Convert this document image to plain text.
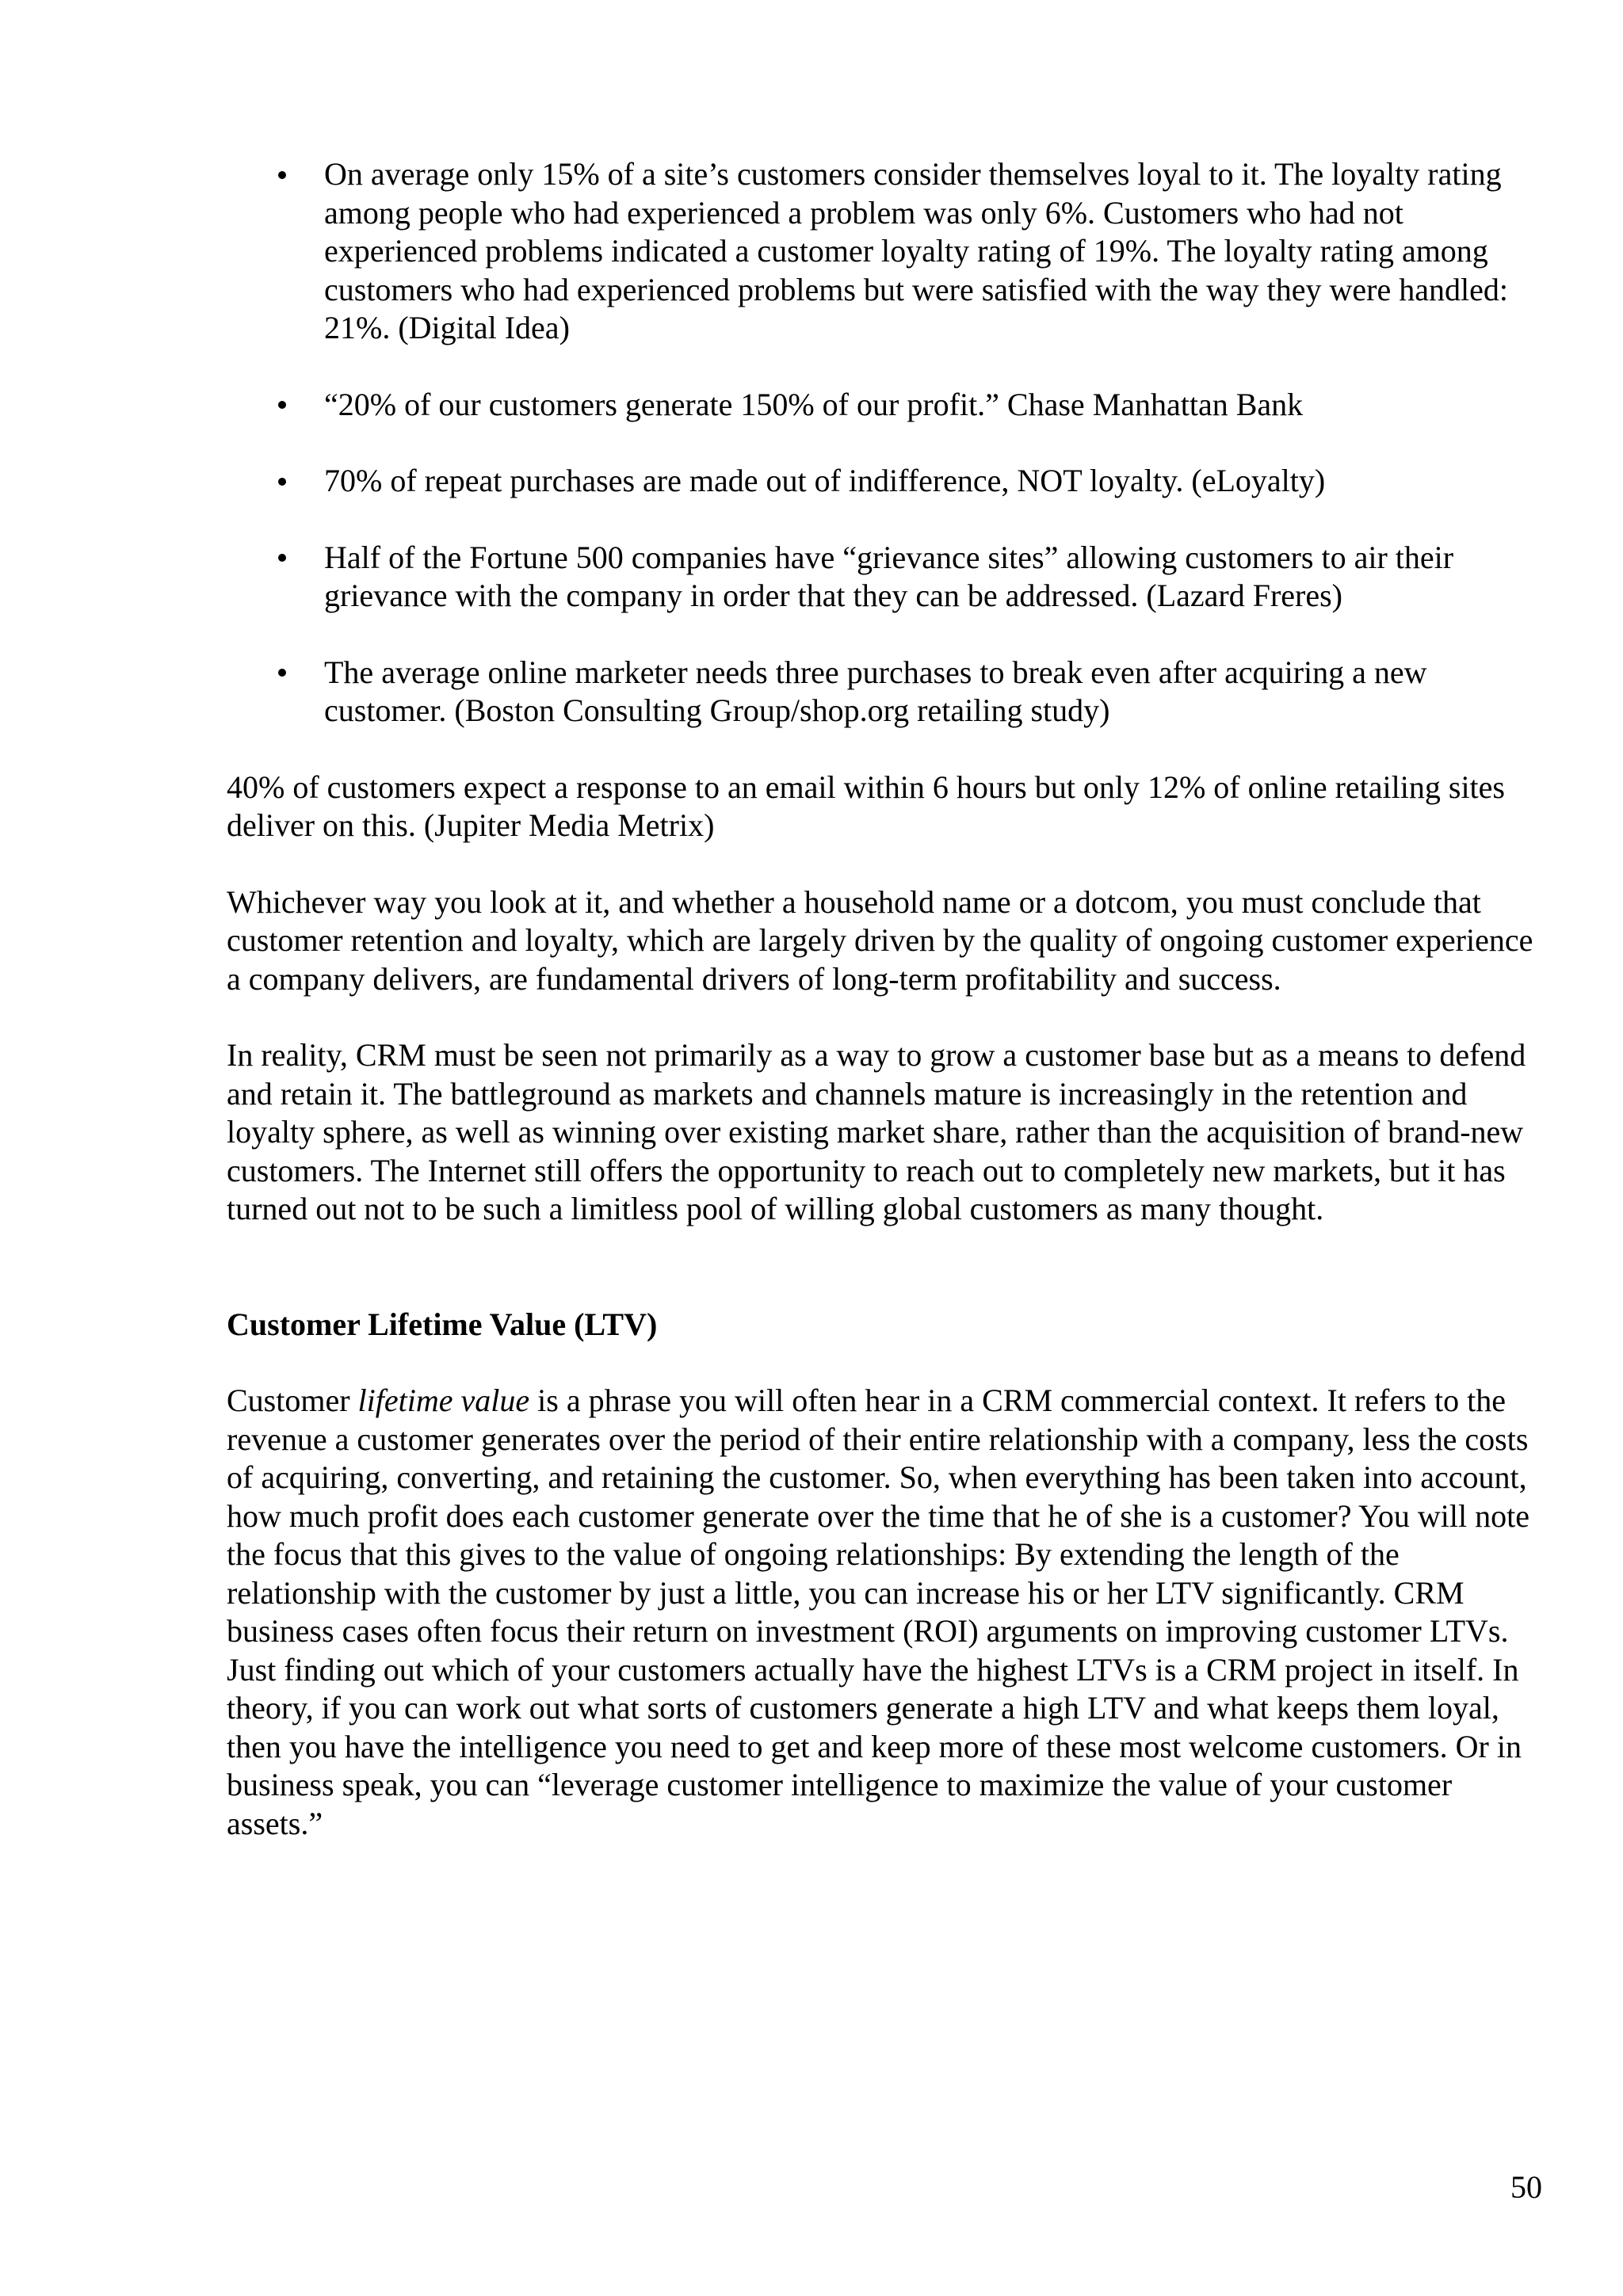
On average only 15% of a site’s customers consider themselves loyal to it. The loyalty rating among people who had experienced a problem was only 6%. Customers who had not experienced problems indicated a customer loyalty rating of 19%. The loyalty rating among customers who had experienced problems but were satisfied with the way they were handled: 21%. (Digital Idea)
“20% of our customers generate 150% of our profit.” Chase Manhattan Bank
70% of repeat purchases are made out of indifference, NOT loyalty. (eLoyalty)
Half of the Fortune 500 companies have “grievance sites” allowing customers to air their grievance with the company in order that they can be addressed. (Lazard Freres)
The average online marketer needs three purchases to break even after acquiring a new customer. (Boston Consulting Group/shop.org retailing study)

40% of customers expect a response to an email within 6 hours but only 12% of online retailing sites deliver on this. (Jupiter Media Metrix)

Whichever way you look at it, and whether a household name or a dotcom, you must conclude that customer retention and loyalty, which are largely driven by the quality of ongoing customer experience a company delivers, are fundamental drivers of long-term profitability and success.

In reality, CRM must be seen not primarily as a way to grow a customer base but as a means to defend and retain it. The battleground as markets and channels mature is increasingly in the retention and loyalty sphere, as well as winning over existing market share, rather than the acquisition of brand-new customers. The Internet still offers the opportunity to reach out to completely new markets, but it has turned out not to be such a limitless pool of willing global customers as many thought.

Customer Lifetime Value (LTV)

Customer lifetime value is a phrase you will often hear in a CRM commercial context. It refers to the revenue a customer generates over the period of their entire relationship with a company, less the costs of acquiring, converting, and retaining the customer. So, when everything has been taken into account, how much profit does each customer generate over the time that he of she is a customer? You will note the focus that this gives to the value of ongoing relationships: By extending the length of the relationship with the customer by just a little, you can increase his or her LTV significantly. CRM business cases often focus their return on investment (ROI) arguments on improving customer LTVs. Just finding out which of your customers actually have the highest LTVs is a CRM project in itself. In theory, if you can work out what sorts of customers generate a high LTV and what keeps them loyal, then you have the intelligence you need to get and keep more of these most welcome customers. Or in business speak, you can “leverage customer intelligence to maximize the value of your customer assets.”

50
